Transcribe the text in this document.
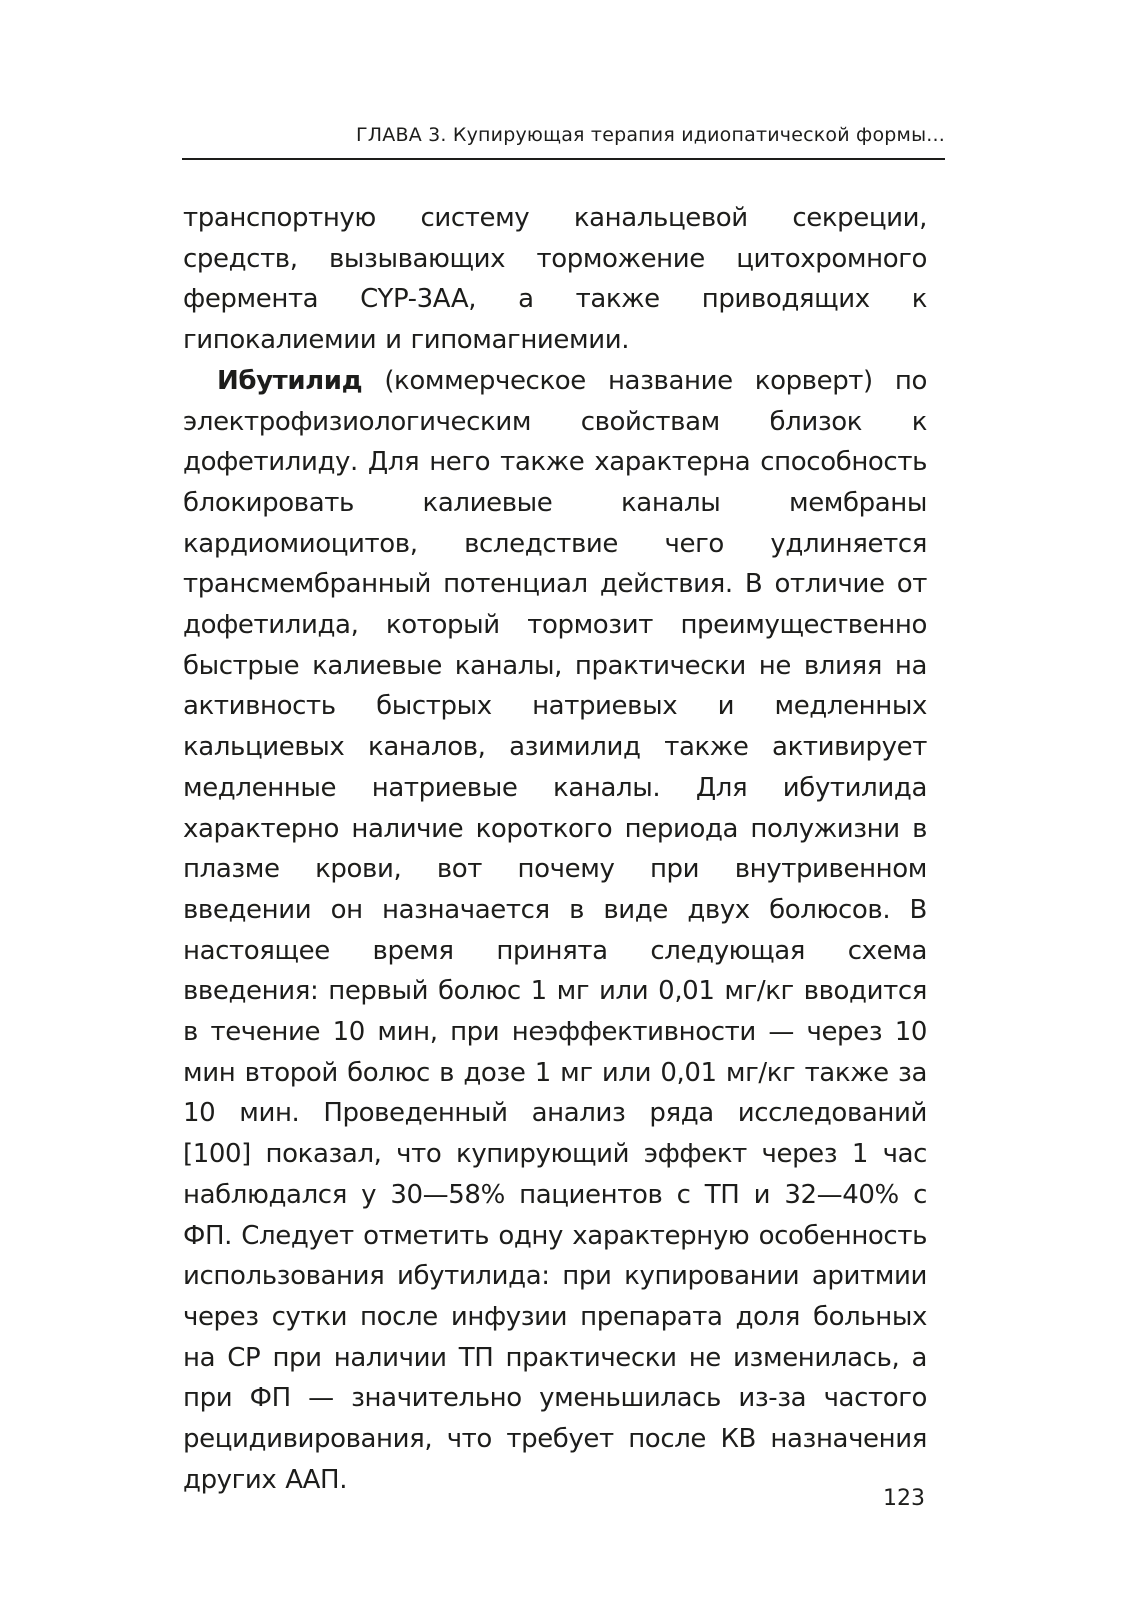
ГЛАВА 3. Купирующая терапия идиопатической формы...

транспортную систему канальцевой секреции, средств, вызывающих торможение цитохромного фермента CYP-3AA, а также приводящих к гипокалиемии и гипомагниемии.

Ибутилид (коммерческое название корверт) по электрофизиологическим свойствам близок к дофетилиду. Для него также характерна способность блокировать калиевые каналы мембраны кардиомиоцитов, вследствие чего удлиняется трансмембранный потенциал действия. В отличие от дофетилида, который тормозит преимущественно быстрые калиевые каналы, практически не влияя на активность быстрых натриевых и медленных кальциевых каналов, азимилид также активирует медленные натриевые каналы. Для ибутилида характерно наличие короткого периода полужизни в плазме крови, вот почему при внутривенном введении он назначается в виде двух болюсов. В настоящее время принята следующая схема введения: первый болюс 1 мг или 0,01 мг/кг вводится в течение 10 мин, при неэффективности — через 10 мин второй болюс в дозе 1 мг или 0,01 мг/кг также за 10 мин. Проведенный анализ ряда исследований [100] показал, что купирующий эффект через 1 час наблюдался у 30—58% пациентов с ТП и 32—40% с ФП. Следует отметить одну характерную особенность использования ибутилида: при купировании аритмии через сутки после инфузии препарата доля больных на СР при наличии ТП практически не изменилась, а при ФП — значительно уменьшилась из-за частого рецидивирования, что требует после КВ назначения других ААП.

123
